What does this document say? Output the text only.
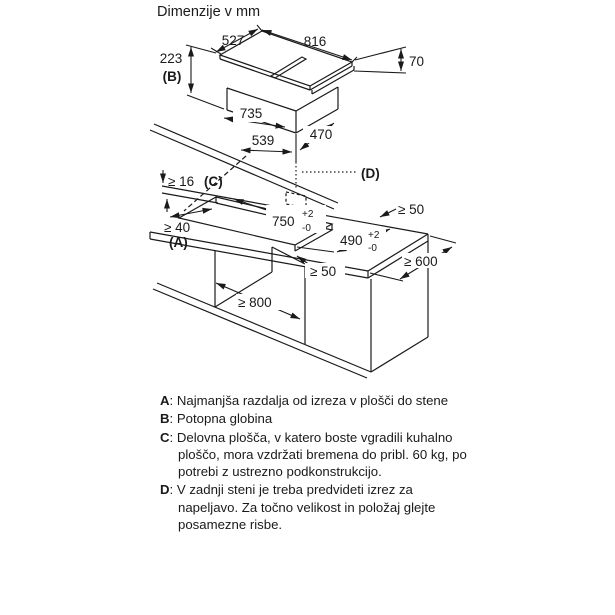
Dimenzije v mm
527	816
223
(B)
70
735
539	470
≥ 16 (C)
≥ 40
(A)
750 +2
-0
490 +2
-0
≥ 50
≥ 50
≥ 600
≥ 800
(D)
A: Najmanjša razdalja od izreza v plošči do stene
B: Potopna globina
C: Delovna plošča, v katero boste vgradili kuhalno ploščo, mora vzdržati bremena do pribl. 60 kg, po potrebi z ustrezno podkonstrukcijo.
D: V zadnji steni je treba predvideti izrez za napeljavo. Za točno velikost in položaj glejte posamezne risbe.
